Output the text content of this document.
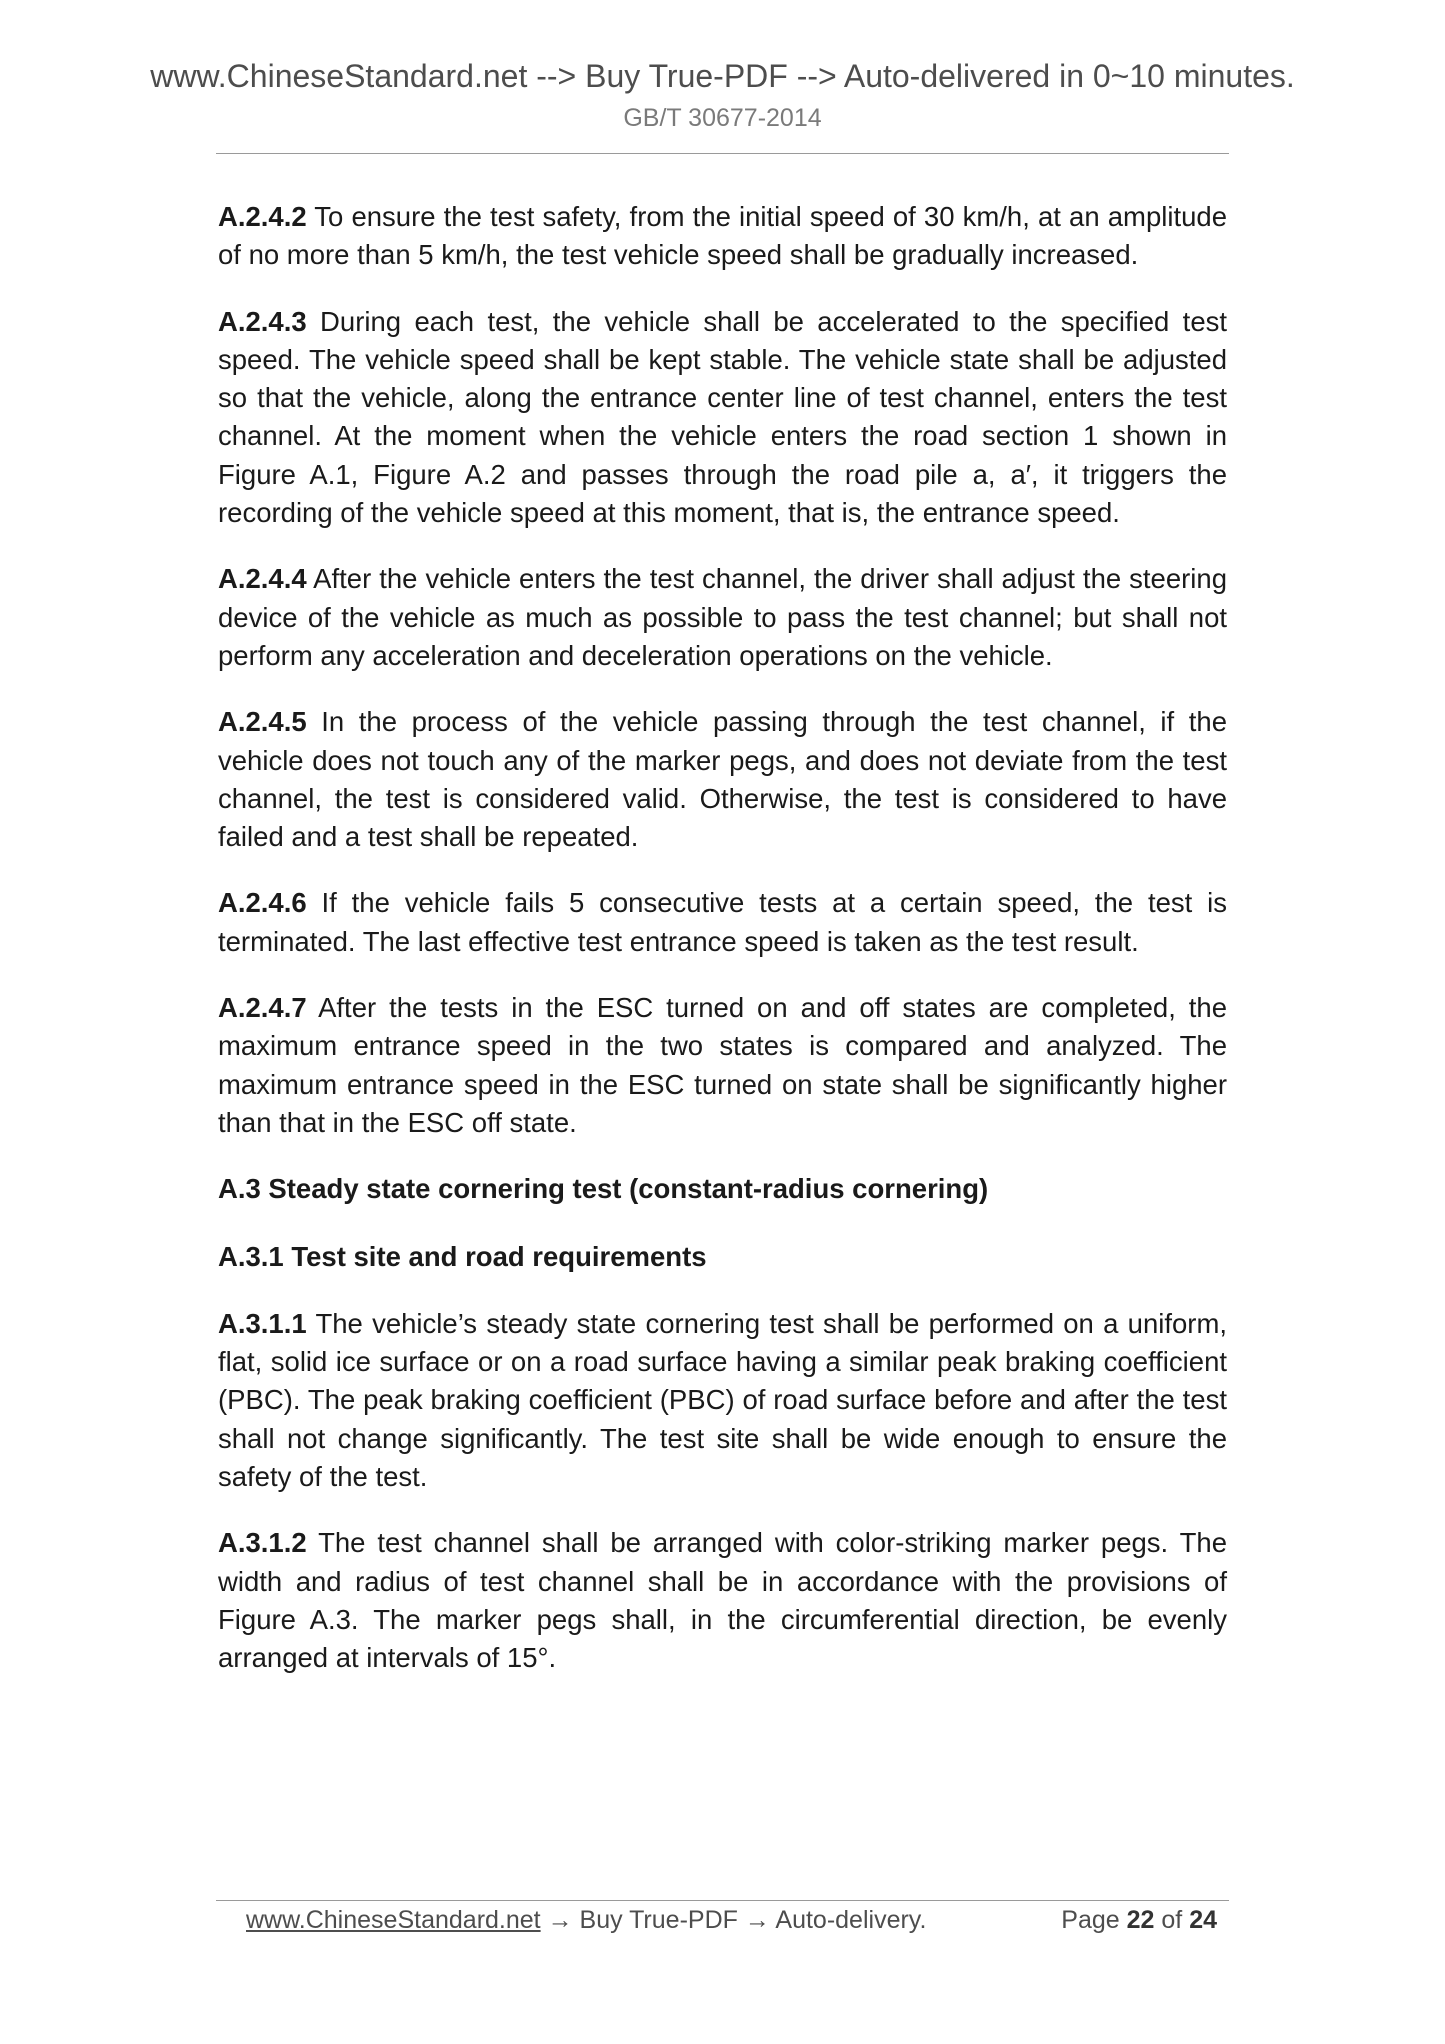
www.ChineseStandard.net --> Buy True-PDF --> Auto-delivered in 0~10 minutes.
GB/T 30677-2014

A.2.4.2 To ensure the test safety, from the initial speed of 30 km/h, at an amplitude of no more than 5 km/h, the test vehicle speed shall be gradually increased.

A.2.4.3 During each test, the vehicle shall be accelerated to the specified test speed. The vehicle speed shall be kept stable. The vehicle state shall be adjusted so that the vehicle, along the entrance center line of test channel, enters the test channel. At the moment when the vehicle enters the road section 1 shown in Figure A.1, Figure A.2 and passes through the road pile a, a′, it triggers the recording of the vehicle speed at this moment, that is, the entrance speed.

A.2.4.4 After the vehicle enters the test channel, the driver shall adjust the steering device of the vehicle as much as possible to pass the test channel; but shall not perform any acceleration and deceleration operations on the vehicle.

A.2.4.5 In the process of the vehicle passing through the test channel, if the vehicle does not touch any of the marker pegs, and does not deviate from the test channel, the test is considered valid. Otherwise, the test is considered to have failed and a test shall be repeated.

A.2.4.6 If the vehicle fails 5 consecutive tests at a certain speed, the test is terminated. The last effective test entrance speed is taken as the test result.

A.2.4.7 After the tests in the ESC turned on and off states are completed, the maximum entrance speed in the two states is compared and analyzed. The maximum entrance speed in the ESC turned on state shall be significantly higher than that in the ESC off state.

A.3 Steady state cornering test (constant-radius cornering)
A.3.1 Test site and road requirements

A.3.1.1 The vehicle’s steady state cornering test shall be performed on a uniform, flat, solid ice surface or on a road surface having a similar peak braking coefficient (PBC). The peak braking coefficient (PBC) of road surface before and after the test shall not change significantly. The test site shall be wide enough to ensure the safety of the test.

A.3.1.2 The test channel shall be arranged with color-striking marker pegs. The width and radius of test channel shall be in accordance with the provisions of Figure A.3. The marker pegs shall, in the circumferential direction, be evenly arranged at intervals of 15°.

www.ChineseStandard.net → Buy True-PDF → Auto-delivery.	Page 22 of 24
